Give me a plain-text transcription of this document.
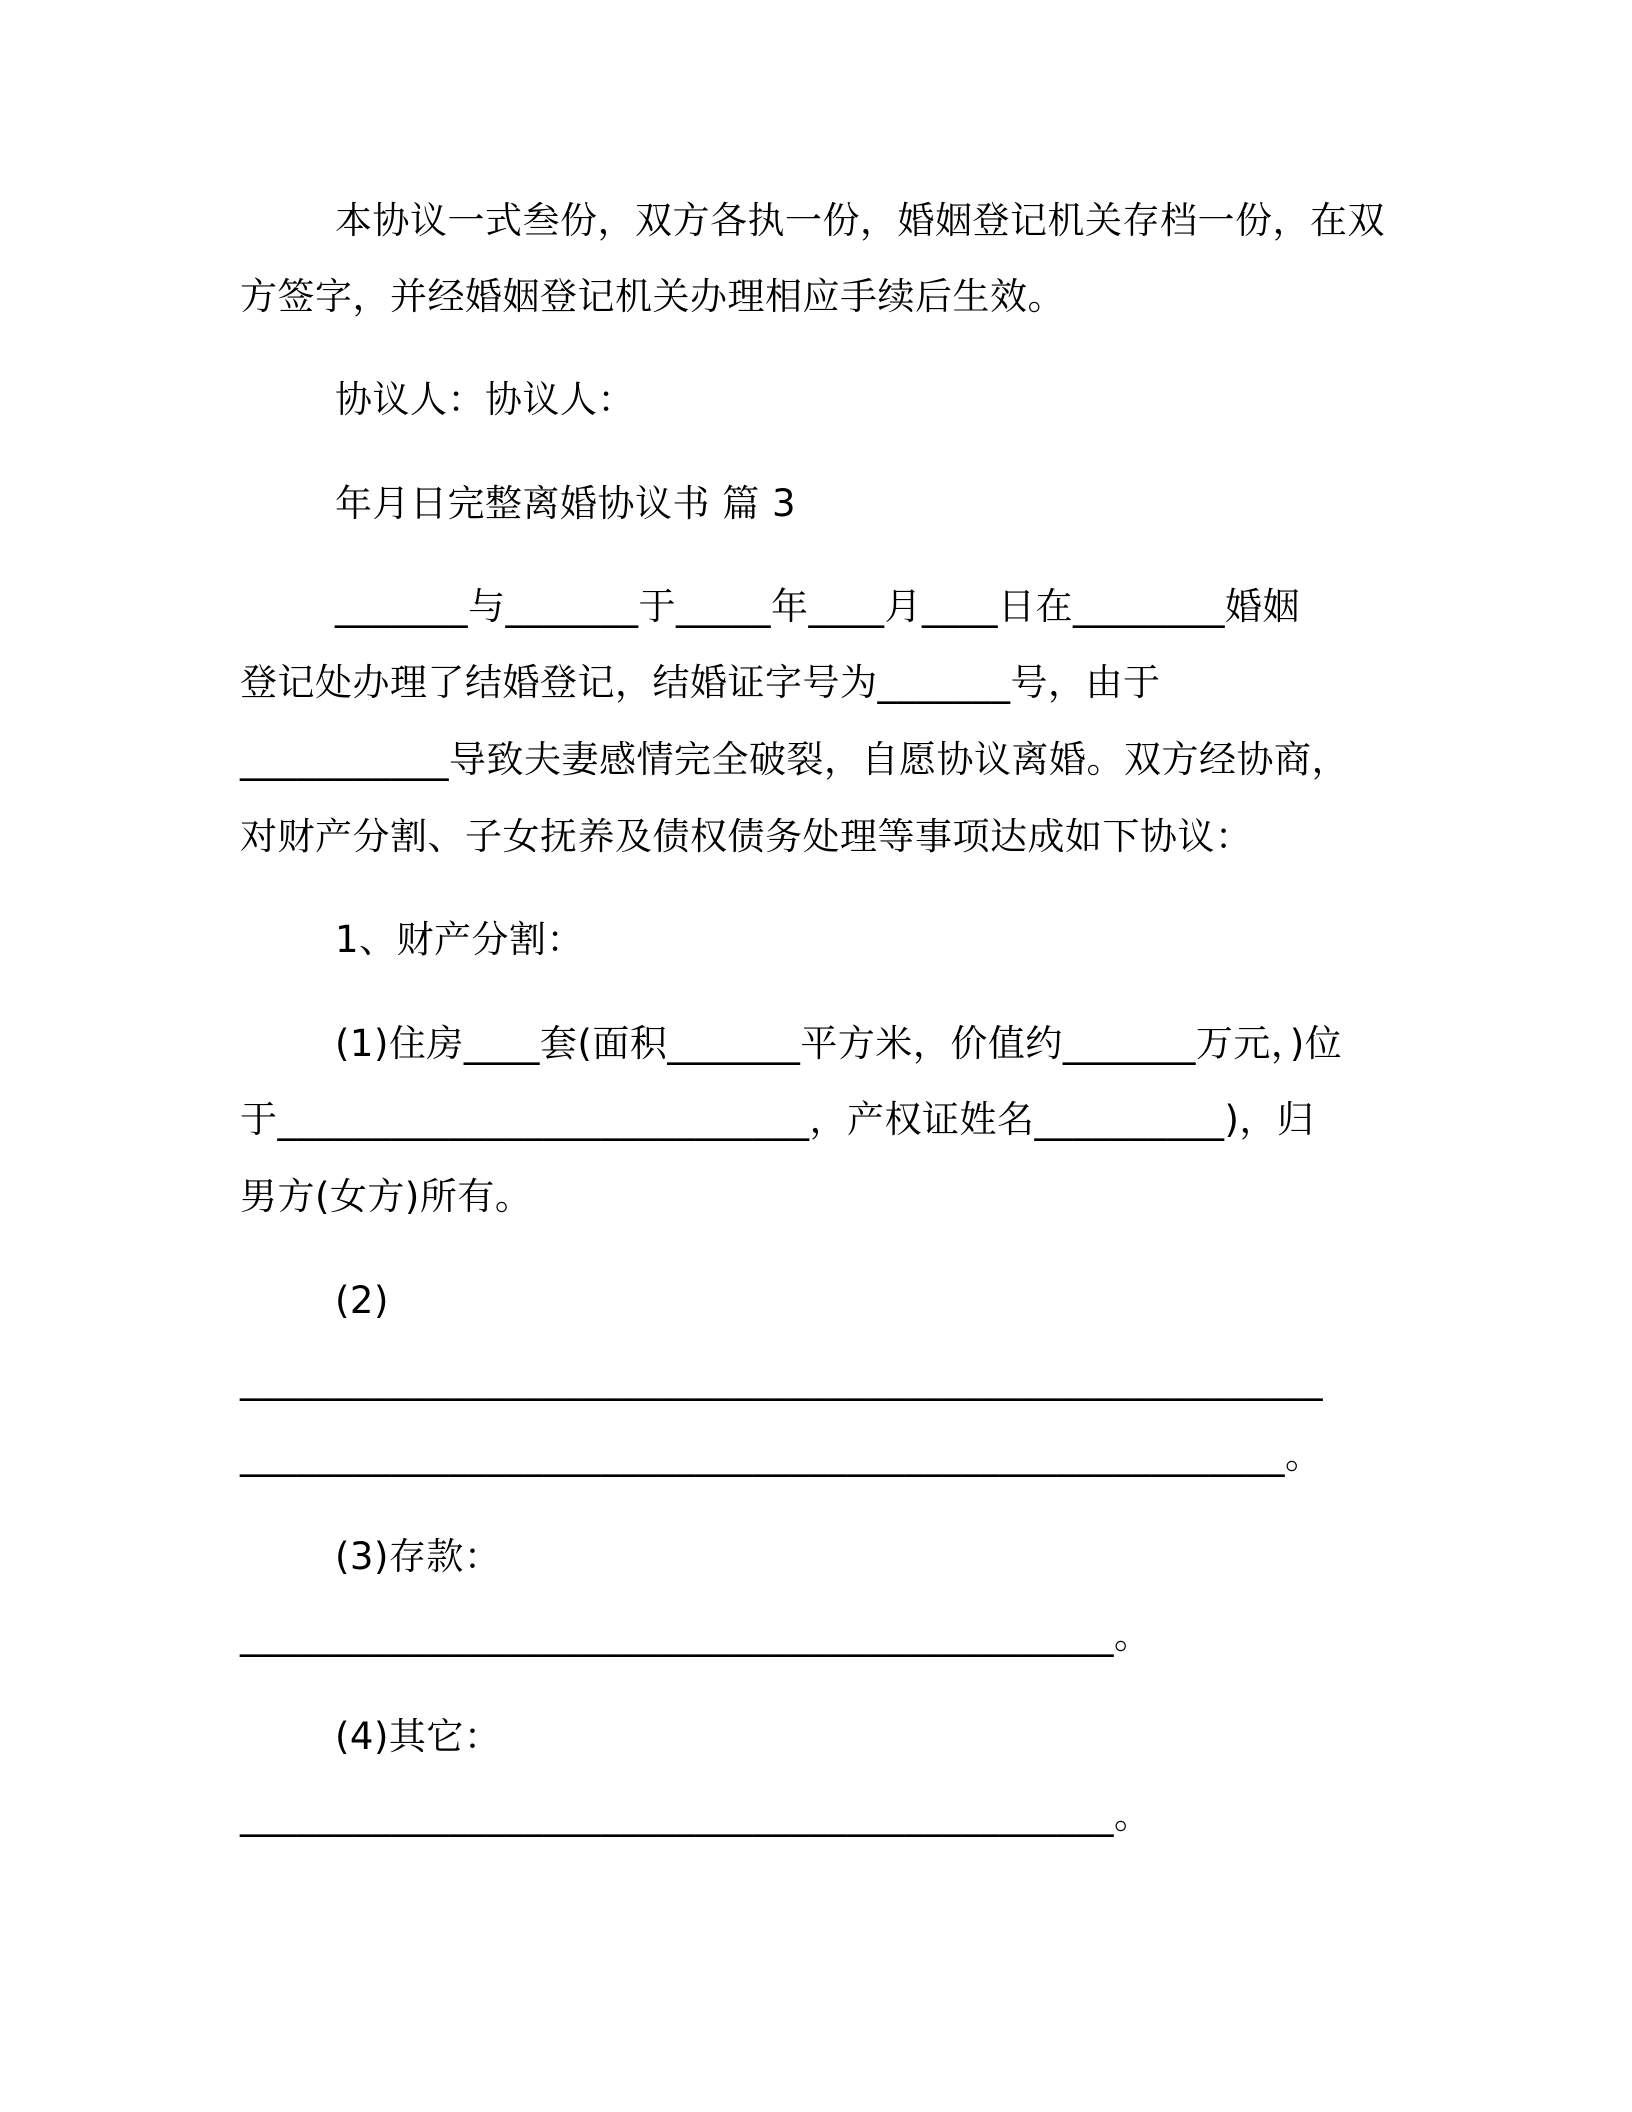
本协议一式叁份，双方各执一份，婚姻登记机关存档一份，在双
方签字，并经婚姻登记机关办理相应手续后生效。
协议人：协议人：
年月日完整离婚协议书 篇 3
_______与_______于_____年____月____日在________婚姻
登记处办理了结婚登记，结婚证字号为_______号，由于
___________导致夫妻感情完全破裂，自愿协议离婚。双方经协商，
对财产分割、子女抚养及债权债务处理等事项达成如下协议：
1、财产分割：
(1)住房____套(面积_______平方米，价值约_______万元，)位
于____________________________，产权证姓名__________)，归
男方(女方)所有。
(2)
_________________________________________________________
_______________________________________________________。
(3)存款：
______________________________________________。
(4)其它：
______________________________________________。
